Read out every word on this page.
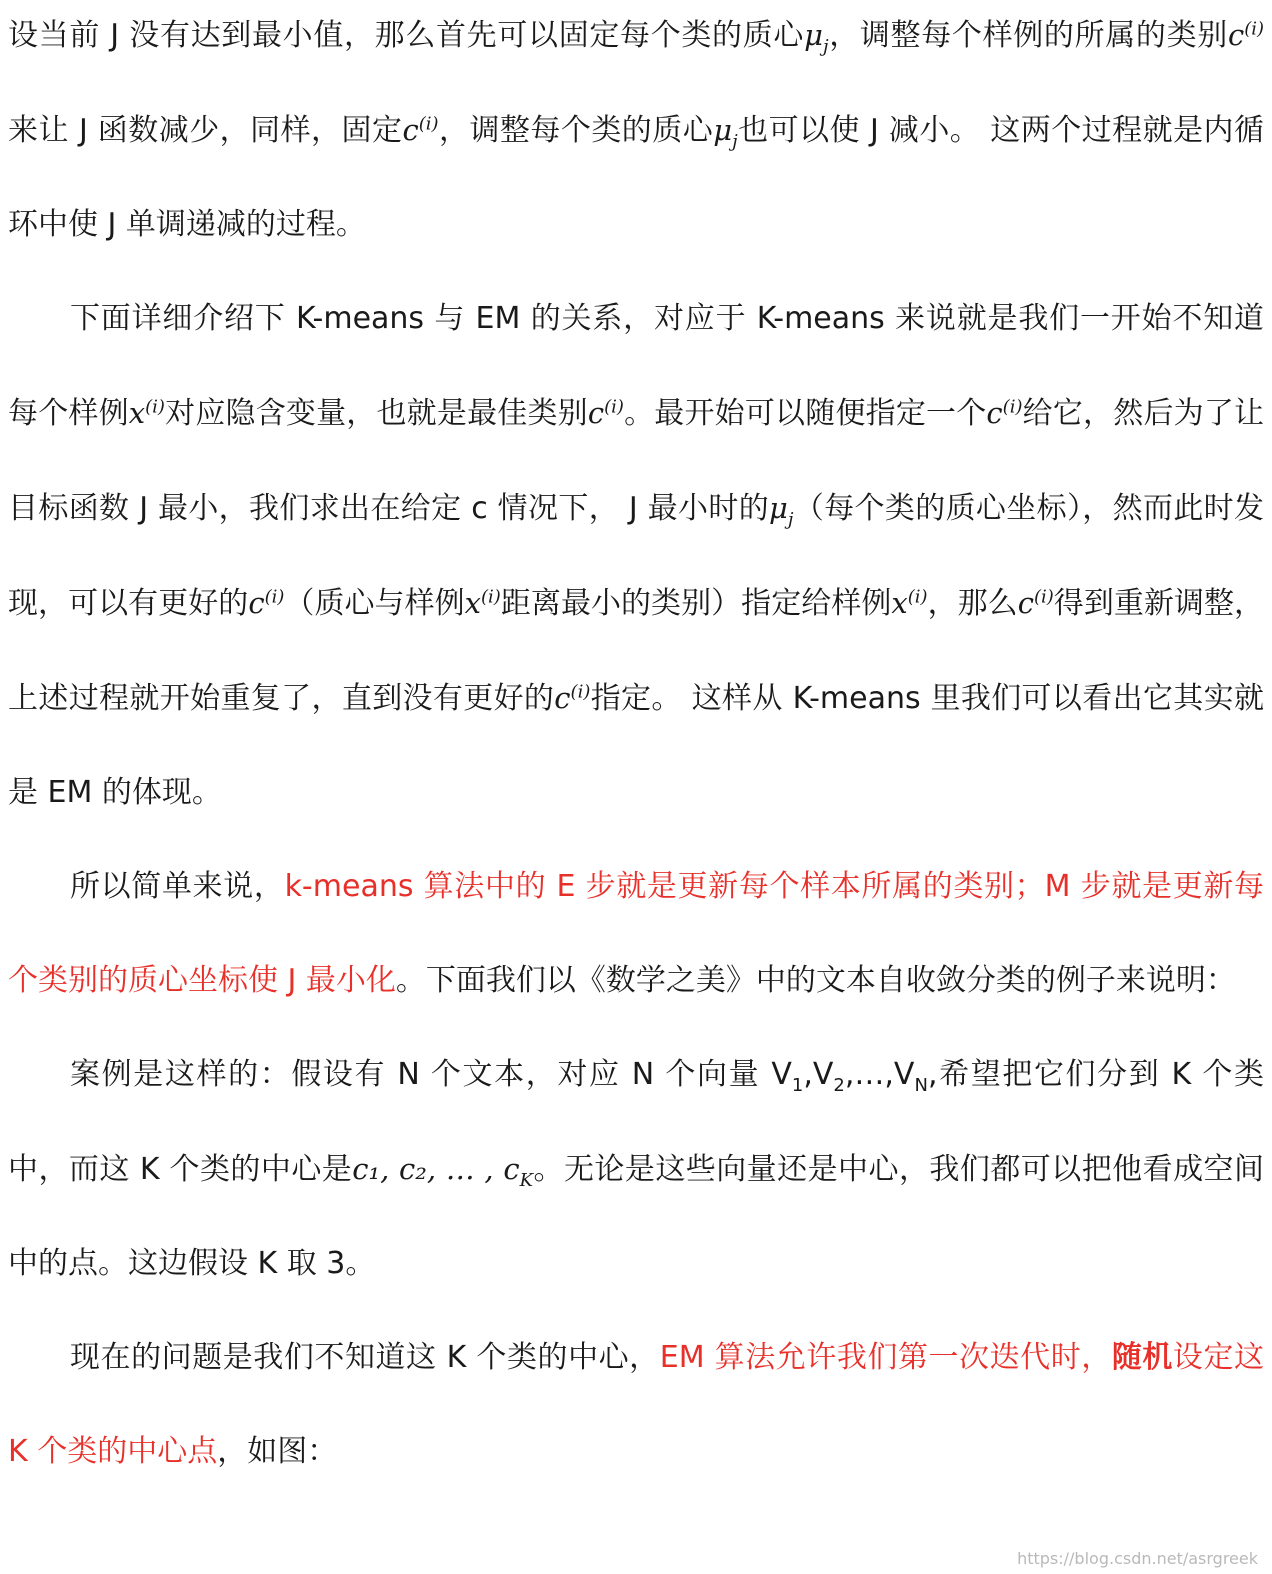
设当前 J 没有达到最小值，那么首先可以固定每个类的质心$\mu_j$，调整每个样例的所属的类别$c^{(i)}$来让 J 函数减少，同样，固定$c^{(i)}$，调整每个类的质心$\mu_j$也可以使 J 减小。 这两个过程就是内循环中使 J 单调递减的过程。

下面详细介绍下 K-means 与 EM 的关系，对应于 K-means 来说就是我们一开始不知道每个样例$x^{(i)}$对应隐含变量，也就是最佳类别$c^{(i)}$。最开始可以随便指定一个$c^{(i)}$给它，然后为了让目标函数 J 最小，我们求出在给定 c 情况下， J 最小时的$\mu_j$（每个类的质心坐标），然而此时发现，可以有更好的$c^{(i)}$（质心与样例$x^{(i)}$距离最小的类别）指定给样例$x^{(i)}$，那么$c^{(i)}$得到重新调整，上述过程就开始重复了，直到没有更好的$c^{(i)}$指定。 这样从 K-means 里我们可以看出它其实就是 EM 的体现。

所以简单来说，k-means 算法中的 E 步就是更新每个样本所属的类别；M 步就是更新每个类别的质心坐标使 J 最小化。下面我们以《数学之美》中的文本自收敛分类的例子来说明：

案例是这样的：假设有 N 个文本，对应 N 个向量 $V_1,V_2,\dots,V_N$,希望把它们分到 K 个类中，而这 K 个类的中心是c₁, c₂, … , $c_K$。无论是这些向量还是中心，我们都可以把他看成空间中的点。这边假设 K 取 3。

现在的问题是我们不知道这 K 个类的中心，EM 算法允许我们第一次迭代时，随机设定这 K 个类的中心点，如图：

https://blog.csdn.net/asrgreek
